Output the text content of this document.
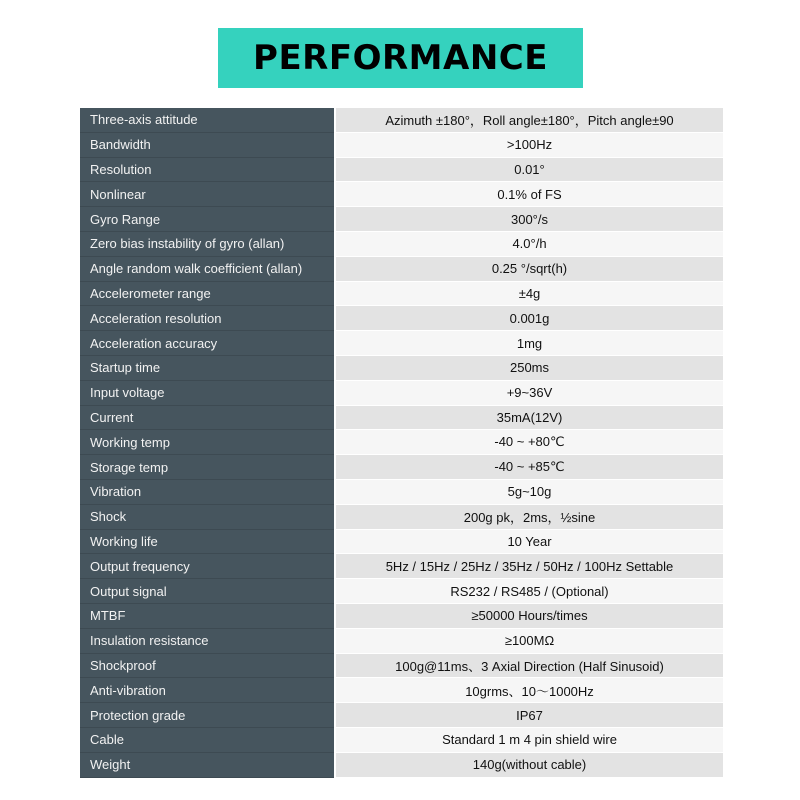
PERFORMANCE
Three-axis attitude		Azimuth ±180°，Roll angle±180°，Pitch angle±90
Bandwidth		>100Hz
Resolution		0.01°
Nonlinear		0.1% of FS
Gyro Range		300°/s
Zero bias instability of gyro (allan)		4.0°/h
Angle random walk coefficient (allan)		0.25 °/sqrt(h)
Accelerometer range		±4g
Acceleration resolution		0.001g
Acceleration accuracy		1mg
Startup time		250ms
Input voltage		+9~36V
Current		35mA(12V)
Working temp		-40 ~ +80℃
Storage temp		-40 ~ +85℃
Vibration		5g~10g
Shock		200g pk，2ms，½sine
Working life		10 Year
Output frequency		5Hz / 15Hz / 25Hz / 35Hz / 50Hz / 100Hz Settable
Output signal		RS232 / RS485 / (Optional)
MTBF		≥50000 Hours/times
Insulation resistance		≥100MΩ
Shockproof		100g@11ms、3 Axial Direction (Half Sinusoid)
Anti-vibration		10grms、10～1000Hz
Protection grade		IP67
Cable		Standard 1 m 4 pin shield wire
Weight		140g(without cable)
